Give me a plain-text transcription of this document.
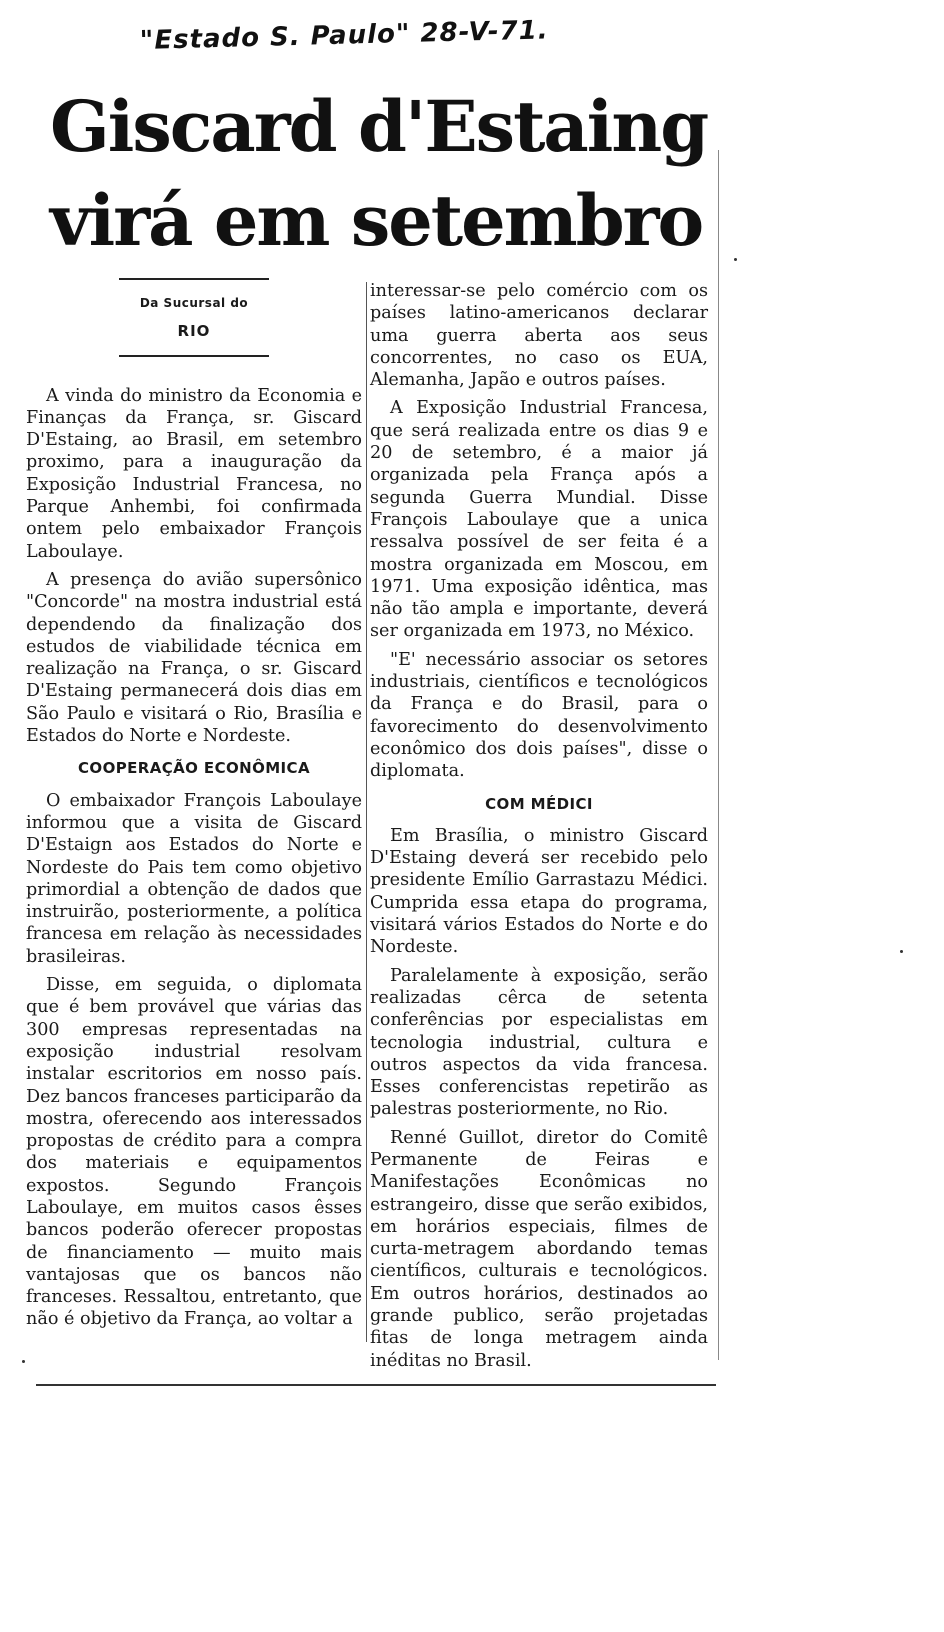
"Estado S. Paulo" 28-V-71.
Giscard d'Estaing
virá em setembro
Da Sucursal do
RIO

A vinda do ministro da Economia e Finanças da França, sr. Giscard D'Estaing, ao Brasil, em setembro proximo, para a inauguração da Exposição Industrial Francesa, no Parque Anhembi, foi confirmada ontem pelo embaixador François Laboulaye.

A presença do avião supersônico "Concorde" na mostra industrial está dependendo da finalização dos estudos de viabilidade técnica em realização na França, o sr. Giscard D'Estaing permanecerá dois dias em São Paulo e visitará o Rio, Brasília e Estados do Norte e Nordeste.

COOPERAÇÃO ECONÔMICA

O embaixador François Laboulaye informou que a visita de Giscard D'Estaign aos Estados do Norte e Nordeste do Pais tem como objetivo primordial a obtenção de dados que instruirão, posteriormente, a política francesa em relação às necessidades brasileiras.

Disse, em seguida, o diplomata que é bem provável que várias das 300 empresas representadas na exposição industrial resolvam instalar escritorios em nosso país. Dez bancos franceses participarão da mostra, oferecendo aos interessados propostas de crédito para a compra dos materiais e equipamentos expostos. Segundo François Laboulaye, em muitos casos êsses bancos poderão oferecer propostas de financiamento — muito mais vantajosas que os bancos não franceses. Ressaltou, entretanto, que não é objetivo da França, ao voltar a

interessar-se pelo comércio com os países latino-americanos declarar uma guerra aberta aos seus concorrentes, no caso os EUA, Alemanha, Japão e outros países.

A Exposição Industrial Francesa, que será realizada entre os dias 9 e 20 de setembro, é a maior já organizada pela França após a segunda Guerra Mundial. Disse François Laboulaye que a unica ressalva possível de ser feita é a mostra organizada em Moscou, em 1971. Uma exposição idêntica, mas não tão ampla e importante, deverá ser organizada em 1973, no México.

"E' necessário associar os setores industriais, científicos e tecnológicos da França e do Brasil, para o favorecimento do desenvolvimento econômico dos dois países", disse o diplomata.

COM MÉDICI

Em Brasília, o ministro Giscard D'Estaing deverá ser recebido pelo presidente Emílio Garrastazu Médici. Cumprida essa etapa do programa, visitará vários Estados do Norte e do Nordeste.

Paralelamente à exposição, serão realizadas cêrca de setenta conferências por especialistas em tecnologia industrial, cultura e outros aspectos da vida francesa. Esses conferencistas repetirão as palestras posteriormente, no Rio.

Renné Guillot, diretor do Comitê Permanente de Feiras e Manifestações Econômicas no estrangeiro, disse que serão exibidos, em horários especiais, filmes de curta-metragem abordando temas científicos, culturais e tecnológicos. Em outros horários, destinados ao grande publico, serão projetadas fitas de longa metragem ainda inéditas no Brasil.
